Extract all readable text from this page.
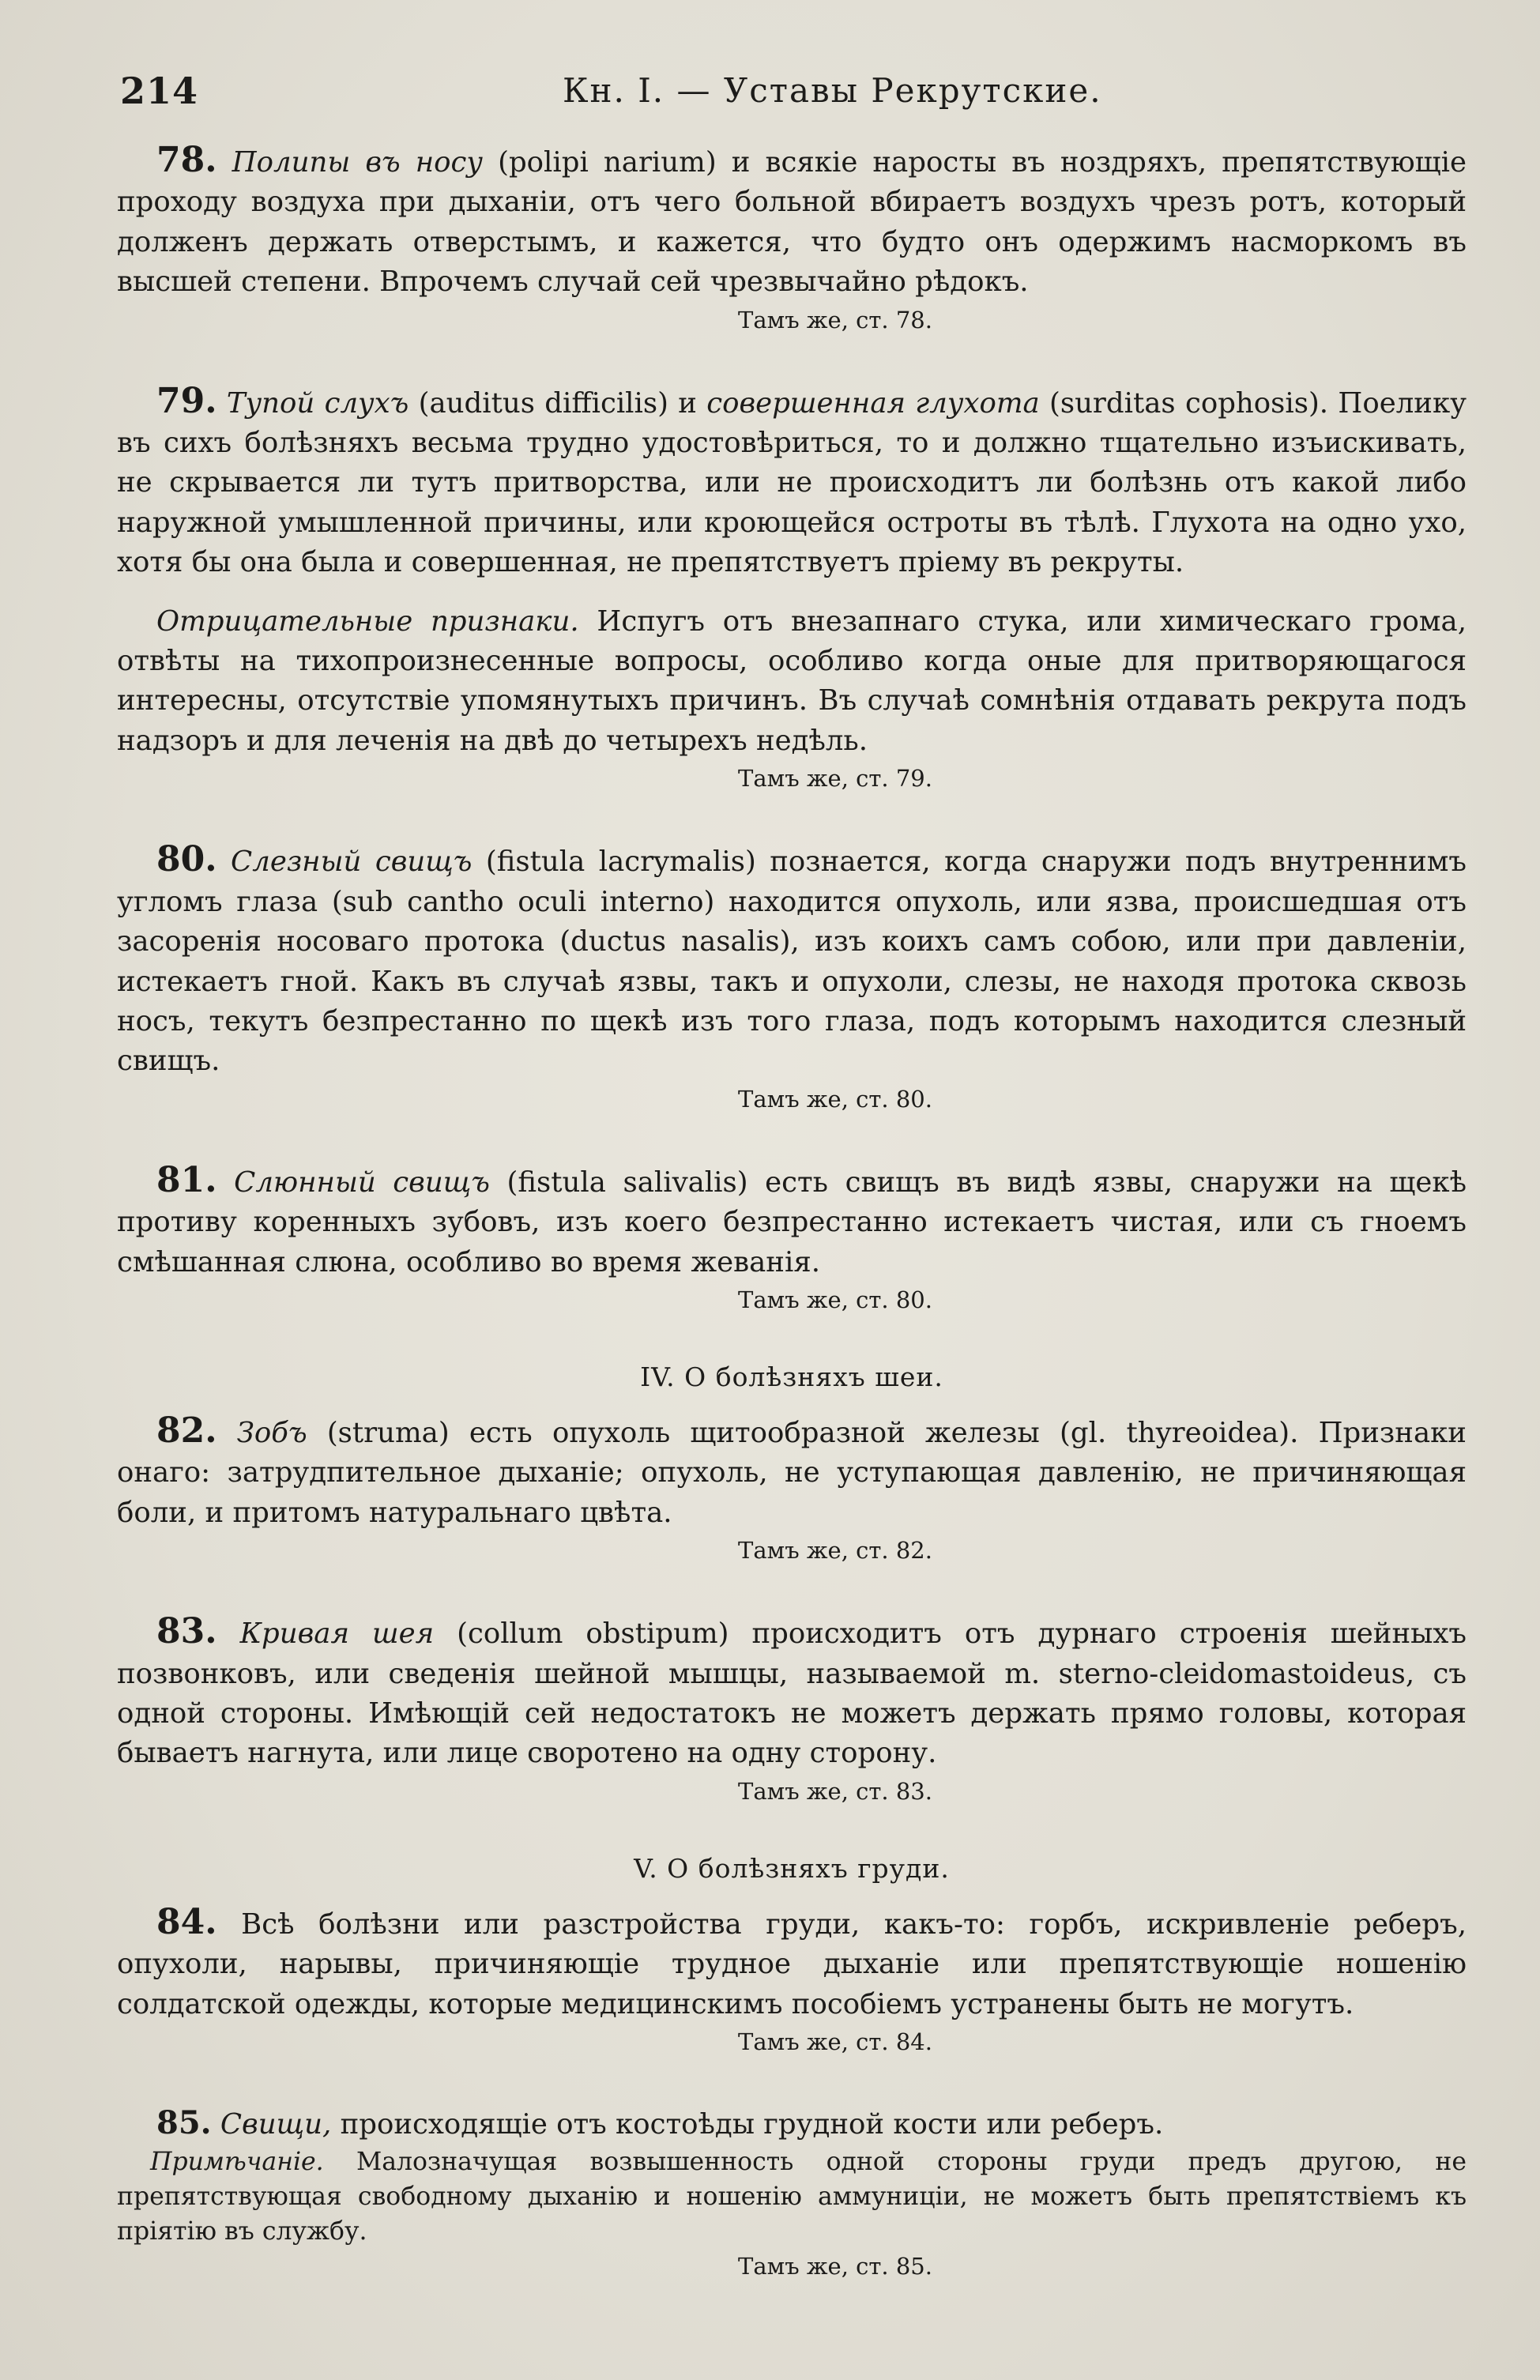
214	Кн. I. — Уставы Рекрутские.

78. Полипы въ носу (polipi narium) и всякіе наросты въ ноздряхъ, препятствующіе проходу воздуха при дыханіи, отъ чего больной вбираетъ воздухъ чрезъ ротъ, который долженъ держать отверстымъ, и кажется, что будто онъ одержимъ насморкомъ въ высшей степени. Впрочемъ случай сей чрезвычайно рѣдокъ.

Тамъ же, ст. 78.

79. Тупой слухъ (auditus difficilis) и совершенная глухота (surditas cophosis). Поелику въ сихъ болѣзняхъ весьма трудно удостовѣриться, то и должно тщательно изъискивать, не скрывается ли тутъ притворства, или не происходитъ ли болѣзнь отъ какой либо наружной умышленной причины, или кроющейся остроты въ тѣлѣ. Глухота на одно ухо, хотя бы она была и совершенная, не препятствуетъ пріему въ рекруты.

Отрицательные признаки. Испугъ отъ внезапнаго стука, или химическаго грома, отвѣты на тихопроизнесенные вопросы, особливо когда оные для притворяющагося интересны, отсутствіе упомянутыхъ причинъ. Въ случаѣ сомнѣнія отдавать рекрута подъ надзоръ и для леченія на двѣ до четырехъ недѣль.

Тамъ же, ст. 79.

80. Слезный свищъ (fistula lacrymalis) познается, когда снаружи подъ внутреннимъ угломъ глаза (sub cantho oculi interno) находится опухоль, или язва, происшедшая отъ засоренія носоваго протока (ductus nasalis), изъ коихъ самъ собою, или при давленіи, истекаетъ гной. Какъ въ случаѣ язвы, такъ и опухоли, слезы, не находя протока сквозь носъ, текутъ безпрестанно по щекѣ изъ того глаза, подъ которымъ находится слезный свищъ.

Тамъ же, ст. 80.

81. Слюнный свищъ (fistula salivalis) есть свищъ въ видѣ язвы, снаружи на щекѣ противу коренныхъ зубовъ, изъ коего безпрестанно истекаетъ чистая, или съ гноемъ смѣшанная слюна, особливо во время жеванія.

Тамъ же, ст. 80.
IV. О болѣзняхъ шеи.

82. Зобъ (struma) есть опухоль щитообразной железы (gl. thyreoidea). Признаки онаго: затрудпительное дыханіе; опухоль, не уступающая давленію, не причиняющая боли, и притомъ натуральнаго цвѣта.

Тамъ же, ст. 82.

83. Кривая шея (collum obstipum) происходитъ отъ дурнаго строенія шейныхъ позвонковъ, или сведенія шейной мышцы, называемой m. sterno-cleidomastoideus, съ одной стороны. Имѣющій сей недостатокъ не можетъ держать прямо головы, которая бываетъ нагнута, или лице своротено на одну сторону.

Тамъ же, ст. 83.
V. О болѣзняхъ груди.

84. Всѣ болѣзни или разстройства груди, какъ-то: горбъ, искривленіе реберъ, опухоли, нарывы, причиняющіе трудное дыханіе или препятствующіе ношенію солдатской одежды, которые медицинскимъ пособіемъ устранены быть не могутъ.

Тамъ же, ст. 84.

85. Свищи, происходящіе отъ костоѣды грудной кости или реберъ.

Примѣчаніе. Малозначущая возвышенность одной стороны груди предъ другою, не препятствующая свободному дыханію и ношенію аммуниціи, не можетъ быть препятствіемъ къ пріятію въ службу.

Тамъ же, ст. 85.
